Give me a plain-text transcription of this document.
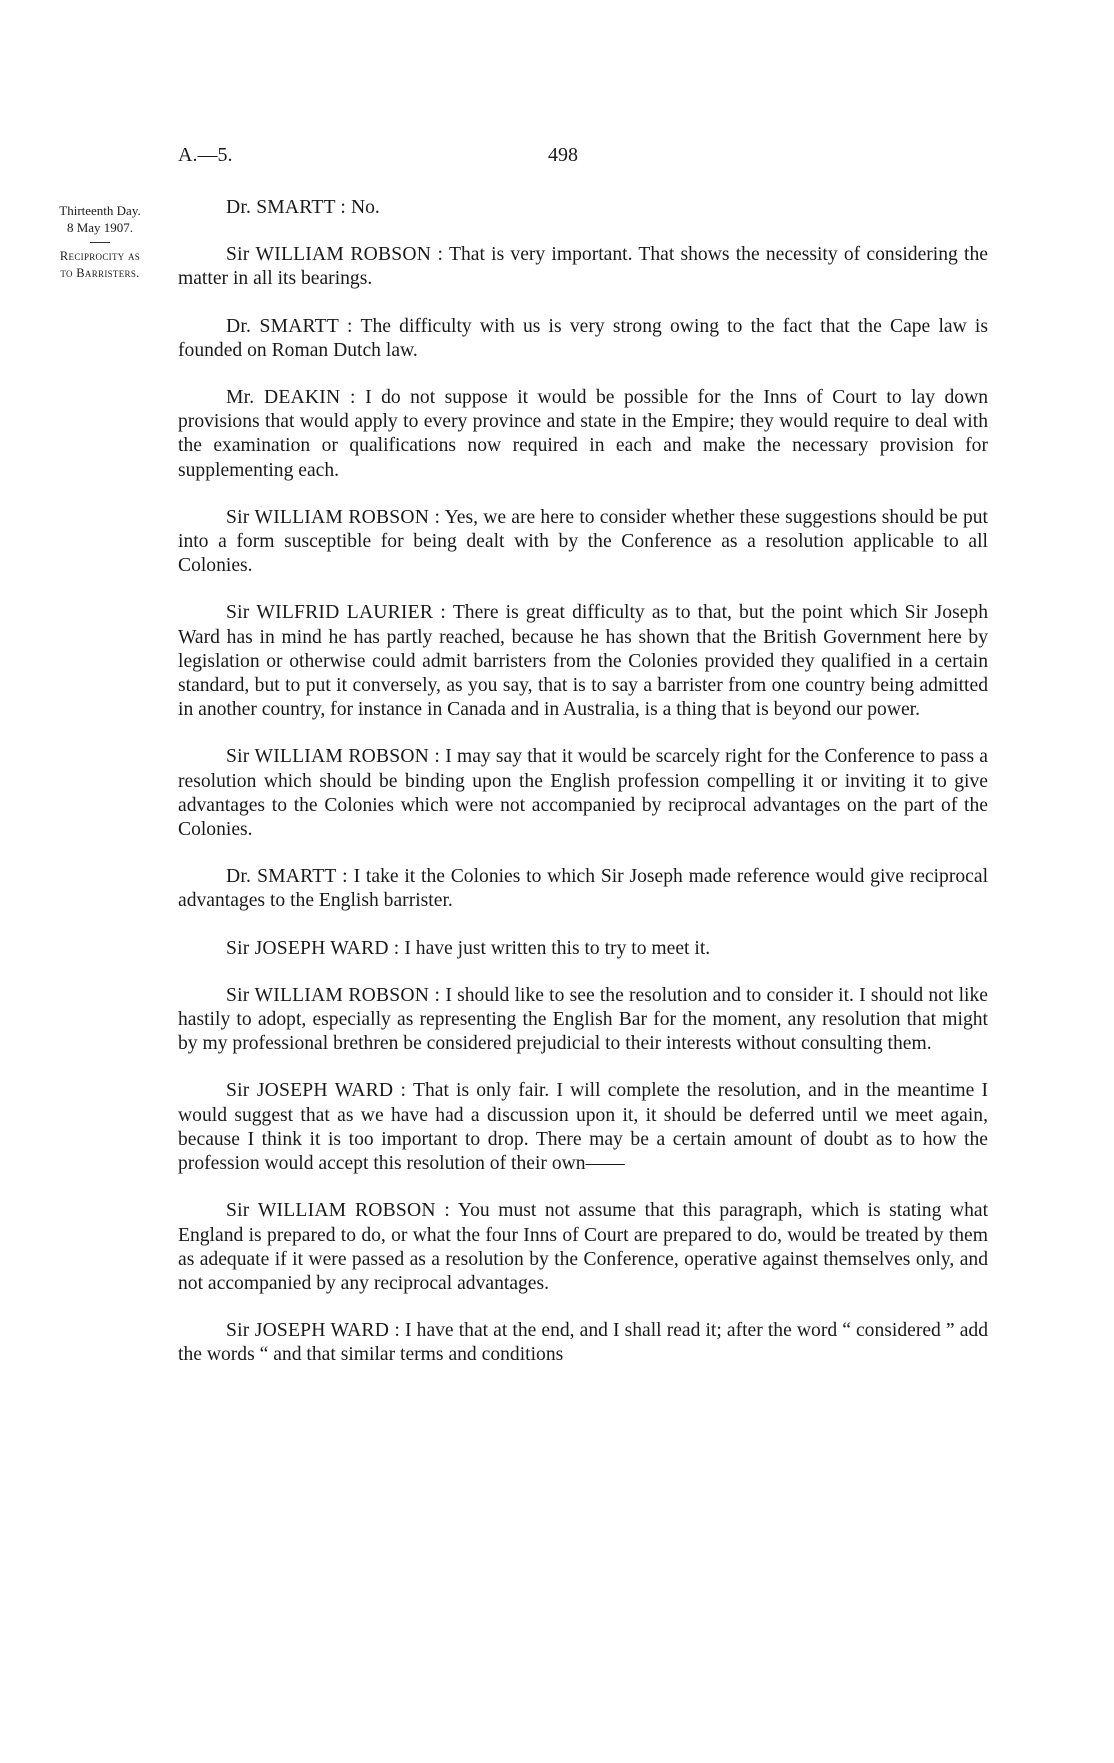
A.—5.	498
Thirteenth Day.
8 May 1907.
Reciprocity as
to Barristers.

Dr. SMARTT : No.

Sir WILLIAM ROBSON : That is very important. That shows the necessity of considering the matter in all its bearings.

Dr. SMARTT : The difficulty with us is very strong owing to the fact that the Cape law is founded on Roman Dutch law.

Mr. DEAKIN : I do not suppose it would be possible for the Inns of Court to lay down provisions that would apply to every province and state in the Empire; they would require to deal with the examination or qualifications now required in each and make the necessary provision for supplementing each.

Sir WILLIAM ROBSON : Yes, we are here to consider whether these suggestions should be put into a form susceptible for being dealt with by the Conference as a resolution applicable to all Colonies.

Sir WILFRID LAURIER : There is great difficulty as to that, but the point which Sir Joseph Ward has in mind he has partly reached, because he has shown that the British Government here by legislation or otherwise could admit barristers from the Colonies provided they qualified in a certain standard, but to put it conversely, as you say, that is to say a barrister from one country being admitted in another country, for instance in Canada and in Australia, is a thing that is beyond our power.

Sir WILLIAM ROBSON : I may say that it would be scarcely right for the Conference to pass a resolution which should be binding upon the English profession compelling it or inviting it to give advantages to the Colonies which were not accompanied by reciprocal advantages on the part of the Colonies.

Dr. SMARTT : I take it the Colonies to which Sir Joseph made reference would give reciprocal advantages to the English barrister.

Sir JOSEPH WARD : I have just written this to try to meet it.

Sir WILLIAM ROBSON : I should like to see the resolution and to consider it. I should not like hastily to adopt, especially as representing the English Bar for the moment, any resolution that might by my professional brethren be considered prejudicial to their interests without consulting them.

Sir JOSEPH WARD : That is only fair. I will complete the resolution, and in the meantime I would suggest that as we have had a discussion upon it, it should be deferred until we meet again, because I think it is too important to drop. There may be a certain amount of doubt as to how the profession would accept this resolution of their own——

Sir WILLIAM ROBSON : You must not assume that this paragraph, which is stating what England is prepared to do, or what the four Inns of Court are prepared to do, would be treated by them as adequate if it were passed as a resolution by the Conference, operative against themselves only, and not accompanied by any reciprocal advantages.

Sir JOSEPH WARD : I have that at the end, and I shall read it; after the word “ considered ” add the words “ and that similar terms and conditions
